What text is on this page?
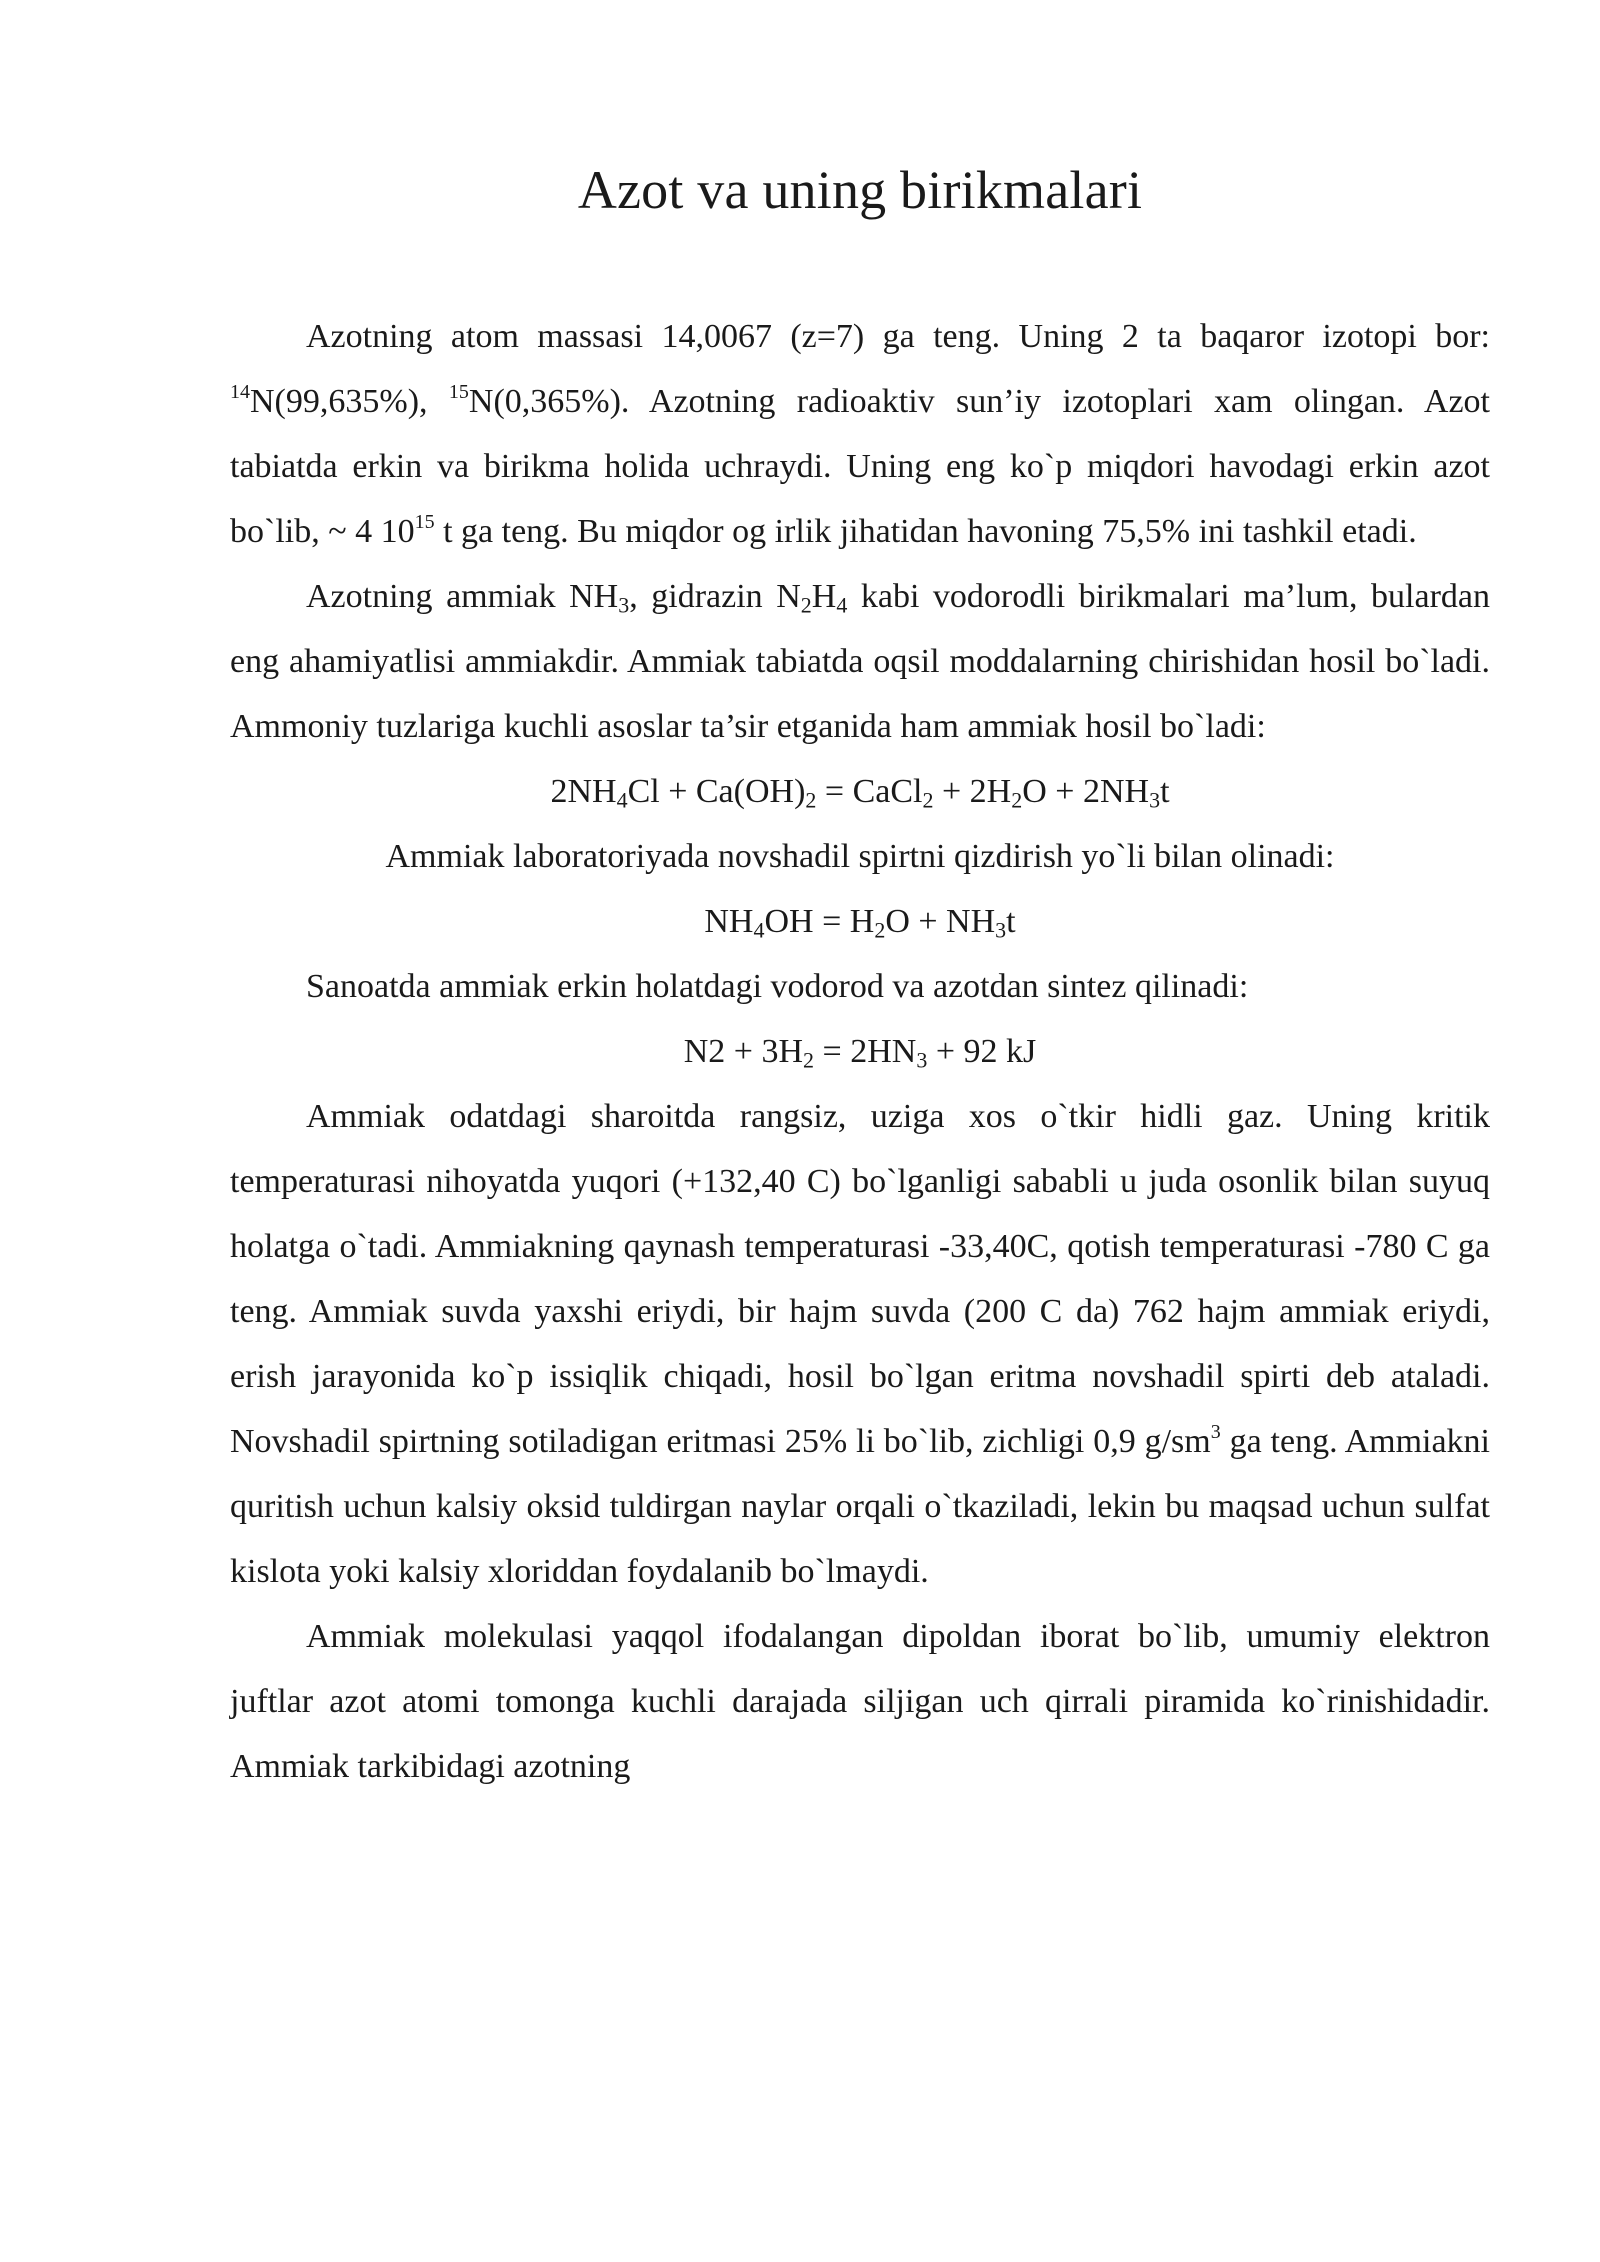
Azot va uning birikmalari

Azotning atom massasi 14,0067 (z=7) ga teng. Uning 2 ta baqaror izotopi bor: $^{14}$N(99,635%), $^{15}$N(0,365%). Azotning radioaktiv sun’iy izotoplari xam olingan. Azot tabiatda erkin va birikma holida uchraydi. Uning eng ko`p miqdori havodagi erkin azot bo`lib, ~ 4 $10^{15}$ t ga teng. Bu miqdor og irlik jihatidan havoning 75,5% ini tashkil etadi.

Azotning ammiak $NH_3$, gidrazin $N_2H_4$ kabi vodorodli birikmalari ma’lum, bulardan eng ahamiyatlisi ammiakdir. Ammiak tabiatda oqsil moddalarning chirishidan hosil bo`ladi. Ammoniy tuzlariga kuchli asoslar ta’sir etganida ham ammiak hosil bo`ladi:

$2NH_4Cl + Ca(OH)_2$ = CaCl$_2$ + $2H_2O + 2NH_3t$

Ammiak laboratoriyada novshadil spirtni qizdirish yo`li bilan olinadi:

$NH_4OH = H_2O + NH_3t$

Sanoatda ammiak erkin holatdagi vodorod va azotdan sintez qilinadi:

$N2 + 3H_2 = 2HN_3 + 92$ kJ

Ammiak odatdagi sharoitda rangsiz, uziga xos o`tkir hidli gaz. Uning kritik temperaturasi nihoyatda yuqori (+132,40 C) bo`lganligi sababli u juda osonlik bilan suyuq holatga o`tadi. Ammiakning qaynash temperaturasi -33,40C, qotish temperaturasi -780 C ga teng. Ammiak suvda yaxshi eriydi, bir hajm suvda (200 C da) 762 hajm ammiak eriydi, erish jarayonida ko`p issiqlik chiqadi, hosil bo`lgan eritma novshadil spirti deb ataladi. Novshadil spirtning sotiladigan eritmasi 25% li bo`lib, zichligi 0,9 $g/sm^3$ ga teng. Ammiakni quritish uchun kalsiy oksid tuldirgan naylar orqali o`tkaziladi, lekin bu maqsad uchun sulfat kislota yoki kalsiy xloriddan foydalanib bo`lmaydi.

Ammiak molekulasi yaqqol ifodalangan dipoldan iborat bo`lib, umumiy elektron juftlar azot atomi tomonga kuchli darajada siljigan uch qirrali piramida ko`rinishidadir. Ammiak tarkibidagi azotning
